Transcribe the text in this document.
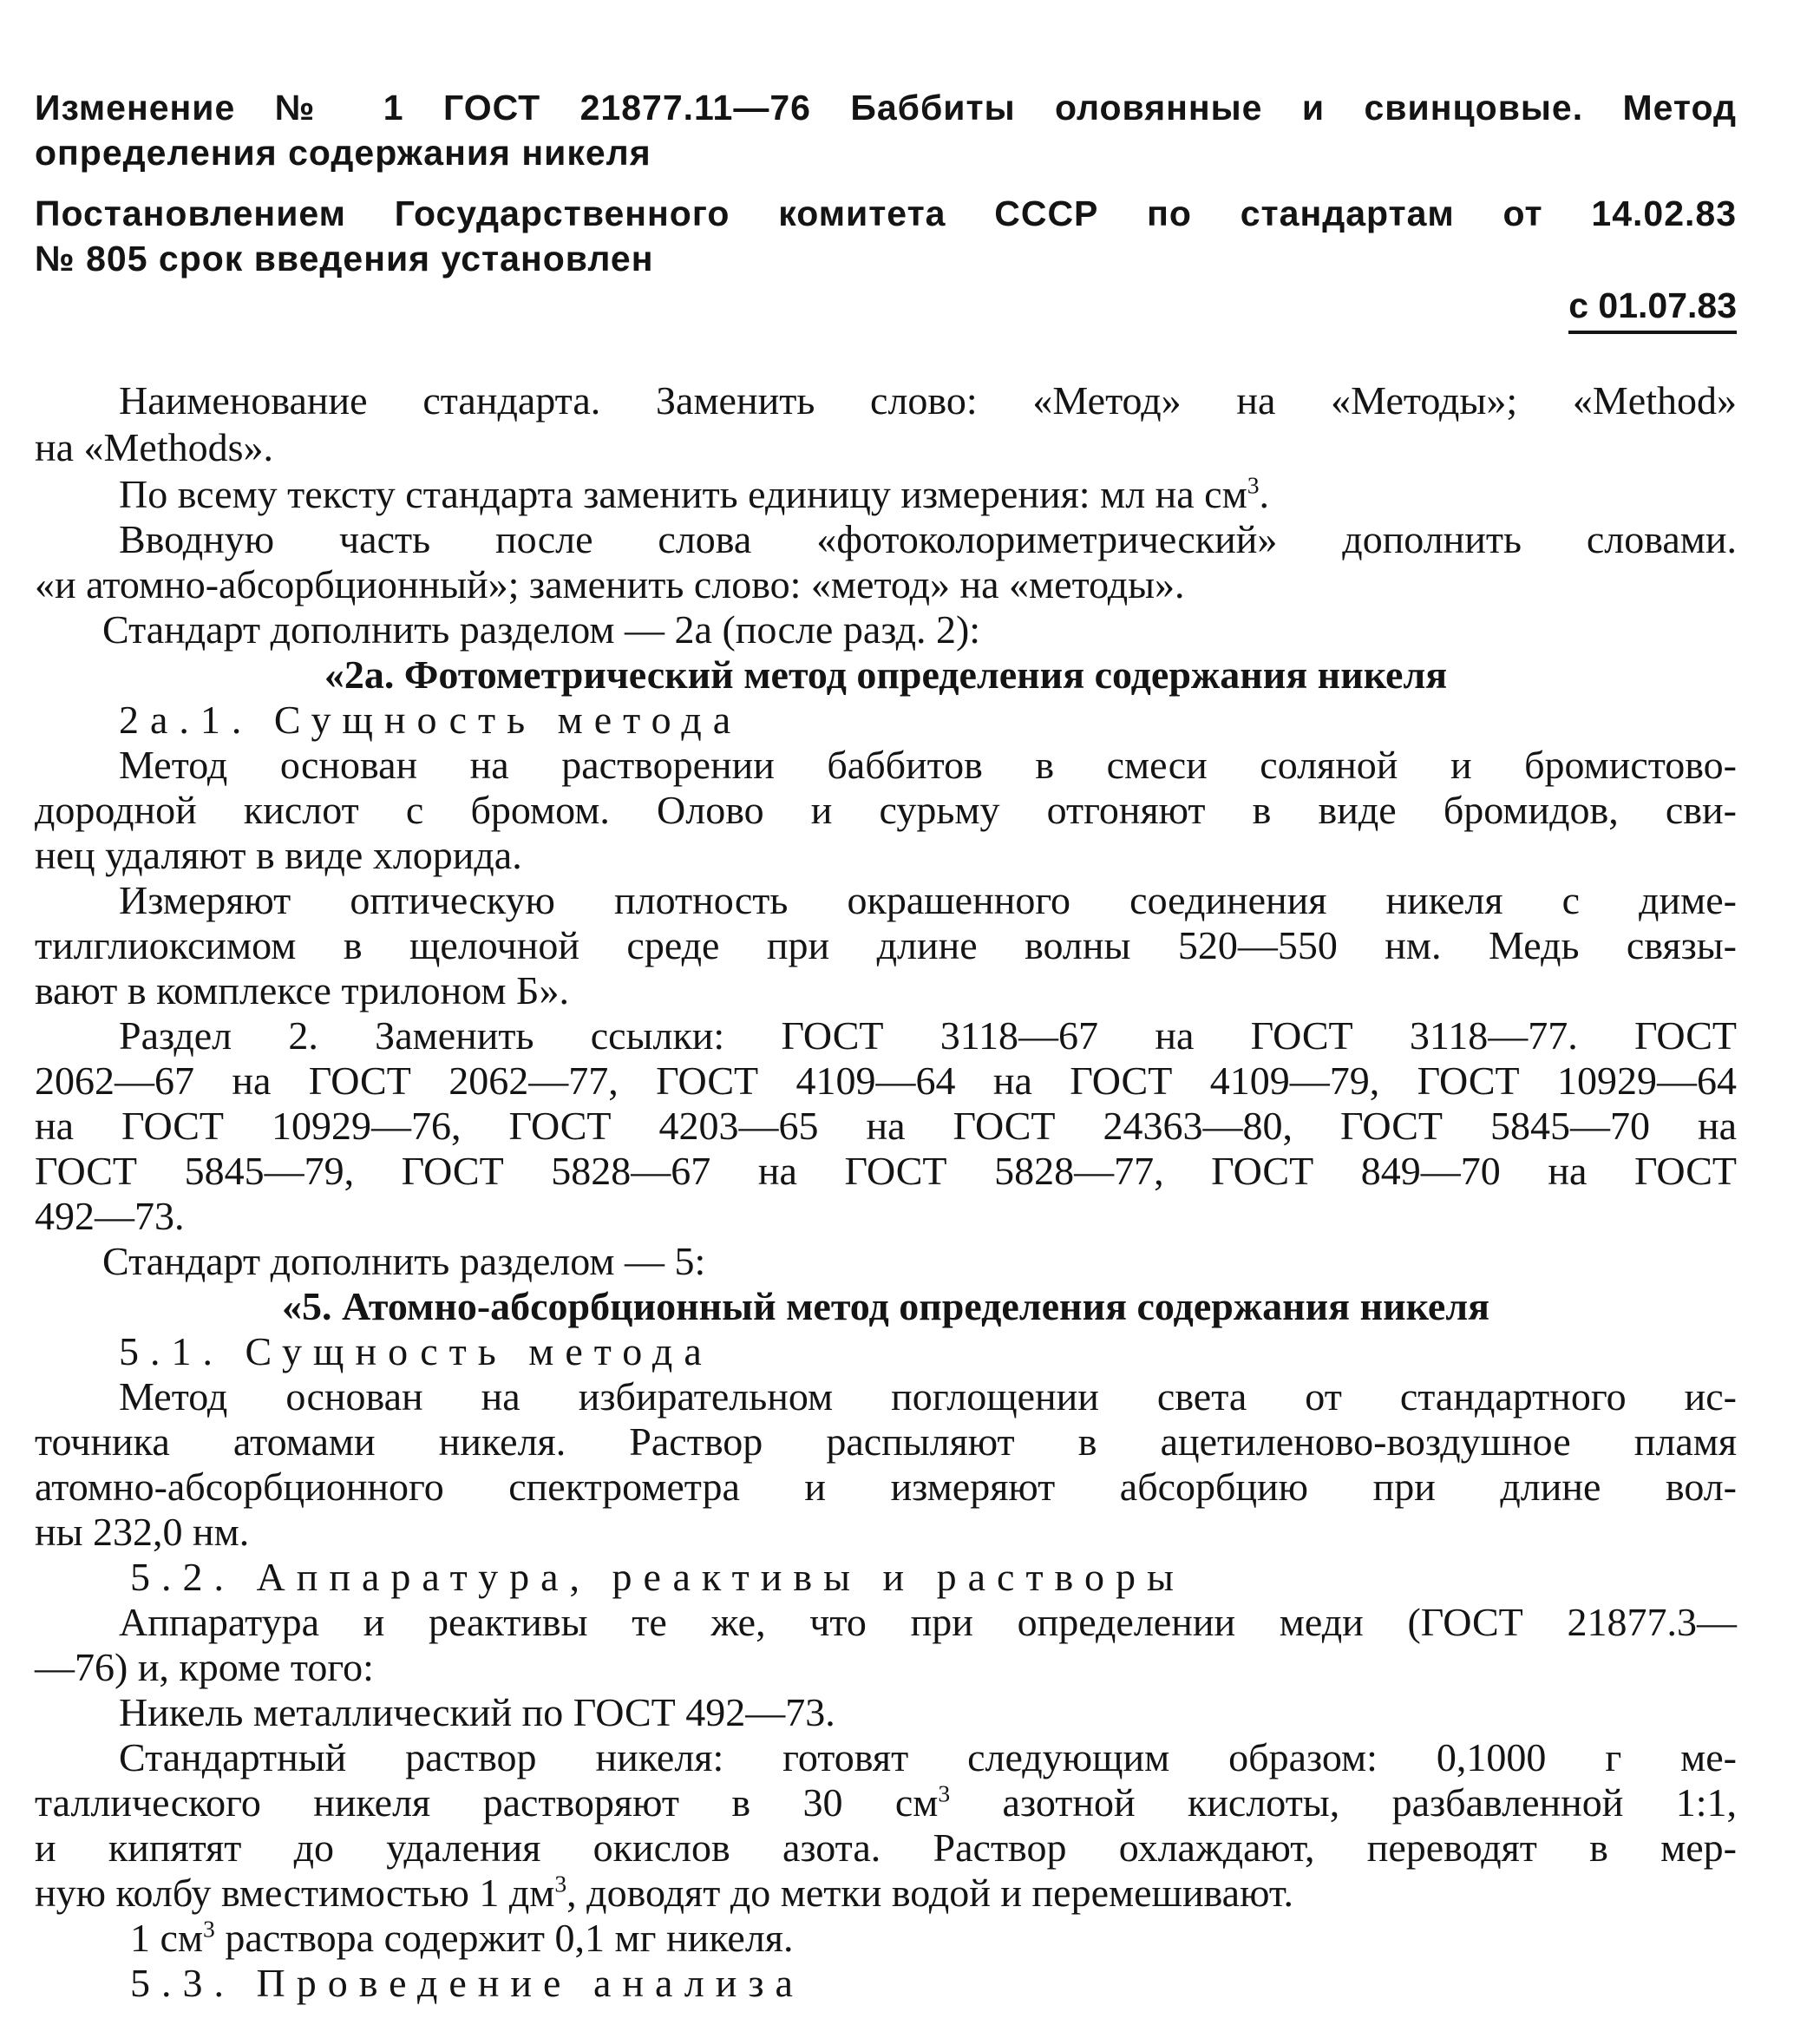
Изменение № 1 ГОСТ 21877.11—76 Баббиты оловянные и свинцовые. Метод
определения содержания никеля
Постановлением Государственного комитета СССР по стандартам от 14.02.83
№ 805 срок введения установлен
с 01.07.83
Наименование стандарта. Заменить слово: «Метод» на «Методы»; «Method»
на «Methods».
По всему тексту стандарта заменить единицу измерения: мл на $см^3$.
Вводную часть после слова «фотоколориметрический» дополнить словами.
«и атомно-абсорбционный»; заменить слово: «метод» на «методы».
Стандарт дополнить разделом — 2а (после разд. 2):
«2а. Фотометрический метод определения содержания никеля
2а.1. Сущность метода
Метод основан на растворении баббитов в смеси соляной и бромистово-
дородной кислот с бромом. Олово и сурьму отгоняют в виде бромидов, сви-
нец удаляют в виде хлорида.
Измеряют оптическую плотность окрашенного соединения никеля с диме-
тилглиоксимом в щелочной среде при длине волны 520—550 нм. Медь связы-
вают в комплексе трилоном Б».
Раздел 2. Заменить ссылки: ГОСТ 3118—67 на ГОСТ 3118—77. ГОСТ
2062—67 на ГОСТ 2062—77, ГОСТ 4109—64 на ГОСТ 4109—79, ГОСТ 10929—64
на ГОСТ 10929—76, ГОСТ 4203—65 на ГОСТ 24363—80, ГОСТ 5845—70 на
ГОСТ 5845—79, ГОСТ 5828—67 на ГОСТ 5828—77, ГОСТ 849—70 на ГОСТ
492—73.
Стандарт дополнить разделом — 5:
«5. Атомно-абсорбционный метод определения содержания никеля
5.1. Сущность метода
Метод основан на избирательном поглощении света от стандартного ис-
точника атомами никеля. Раствор распыляют в ацетиленово-воздушное пламя
атомно-абсорбционного спектрометра и измеряют абсорбцию при длине вол-
ны 232,0 нм.
5.2. Аппаратура, реактивы и растворы
Аппаратура и реактивы те же, что при определении меди (ГОСТ 21877.3—
—76) и, кроме того:
Никель металлический по ГОСТ 492—73.
Стандартный раствор никеля: готовят следующим образом: 0,1000 г ме-
таллического никеля растворяют в 30 $см^3$ азотной кислоты, разбавленной 1:1,
и кипятят до удаления окислов азота. Раствор охлаждают, переводят в мер-
ную колбу вместимостью 1 $дм^3$, доводят до метки водой и перемешивают.
1 $см^3$ раствора содержит 0,1 мг никеля.
5.3. Проведение анализа
